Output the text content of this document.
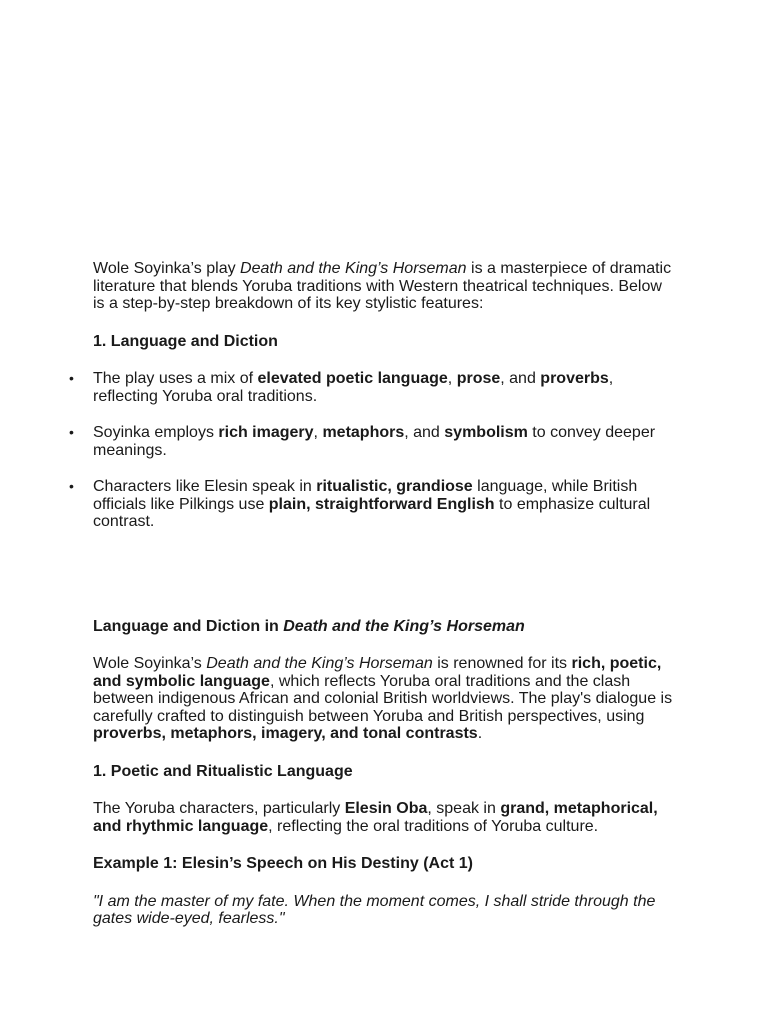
Wole Soyinka’s play Death and the King’s Horseman is a masterpiece of dramatic literature that blends Yoruba traditions with Western theatrical techniques. Below is a step-by-step breakdown of its key stylistic features:

1. Language and Diction

• The play uses a mix of elevated poetic language, prose, and proverbs, reflecting Yoruba oral traditions.
• Soyinka employs rich imagery, metaphors, and symbolism to convey deeper meanings.
• Characters like Elesin speak in ritualistic, grandiose language, while British officials like Pilkings use plain, straightforward English to emphasize cultural contrast.

Language and Diction in Death and the King’s Horseman

Wole Soyinka’s Death and the King’s Horseman is renowned for its rich, poetic, and symbolic language, which reflects Yoruba oral traditions and the clash between indigenous African and colonial British worldviews. The play's dialogue is carefully crafted to distinguish between Yoruba and British perspectives, using proverbs, metaphors, imagery, and tonal contrasts.

1. Poetic and Ritualistic Language

The Yoruba characters, particularly Elesin Oba, speak in grand, metaphorical, and rhythmic language, reflecting the oral traditions of Yoruba culture.

Example 1: Elesin’s Speech on His Destiny (Act 1)

"I am the master of my fate. When the moment comes, I shall stride through the gates wide-eyed, fearless."
